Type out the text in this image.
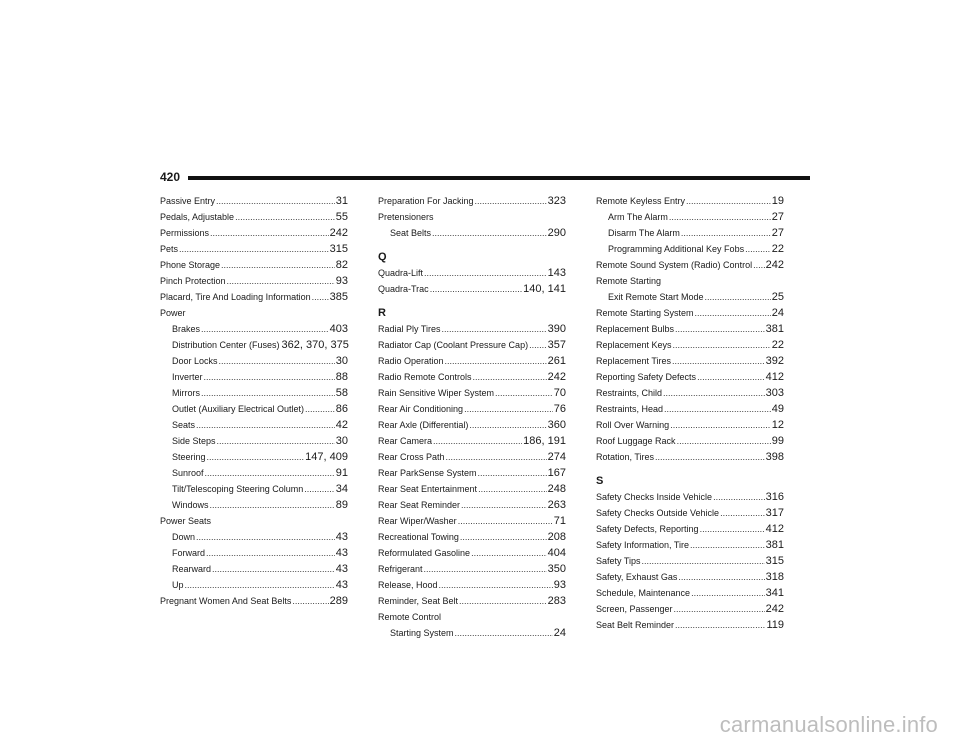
420
Passive Entry .....	31
Pedals, Adjustable .....	55
Permissions .....	242
Pets .....	315
Phone Storage .....	82
Pinch Protection .....	93
Placard, Tire And Loading Information ..... 385
Power
Brakes .....	403
Distribution Center (Fuses) 362, 370, 375
Door Locks .....	30
Inverter .....	88
Mirrors .....	58
Outlet (Auxiliary Electrical Outlet) .....	86
Seats .....	42
Side Steps .....	30
Steering .....	147, 409
Sunroof .....	91
Tilt/Telescoping Steering Column .....	34
Windows .....	89
Power Seats
Down .....	43
Forward .....	43
Rearward .....	43
Up .....	43
Pregnant Women And Seat Belts .....	289
Preparation For Jacking .....	323
Pretensioners
Seat Belts .....	290
Q
Quadra-Lift .....	143
Quadra-Trac .....	140, 141
R
Radial Ply Tires .....	390
Radiator Cap (Coolant Pressure Cap) ..... 357
Radio Operation .....	261
Radio Remote Controls .....	242
Rain Sensitive Wiper System .....	70
Rear Air Conditioning .....	76
Rear Axle (Differential) .....	360
Rear Camera .....	186, 191
Rear Cross Path .....	274
Rear ParkSense System .....	167
Rear Seat Entertainment .....	248
Rear Seat Reminder .....	263
Rear Wiper/Washer .....	71
Recreational Towing .....	208
Reformulated Gasoline .....	404
Refrigerant .....	350
Release, Hood .....	93
Reminder, Seat Belt .....	283
Remote Control
Starting System .....	24
Remote Keyless Entry .....	19
Arm The Alarm .....	27
Disarm The Alarm .....	27
Programming Additional Key Fobs .....	22
Remote Sound System (Radio) Control ..... 242
Remote Starting
Exit Remote Start Mode .....	25
Remote Starting System .....	24
Replacement Bulbs .....	381
Replacement Keys .....	22
Replacement Tires .....	392
Reporting Safety Defects .....	412
Restraints, Child .....	303
Restraints, Head .....	49
Roll Over Warning .....	12
Roof Luggage Rack .....	99
Rotation, Tires .....	398
S
Safety Checks Inside Vehicle .....	316
Safety Checks Outside Vehicle .....	317
Safety Defects, Reporting .....	412
Safety Information, Tire .....	381
Safety Tips .....	315
Safety, Exhaust Gas .....	318
Schedule, Maintenance .....	341
Screen, Passenger .....	242
Seat Belt Reminder .....	119
carmanualsonline.info
